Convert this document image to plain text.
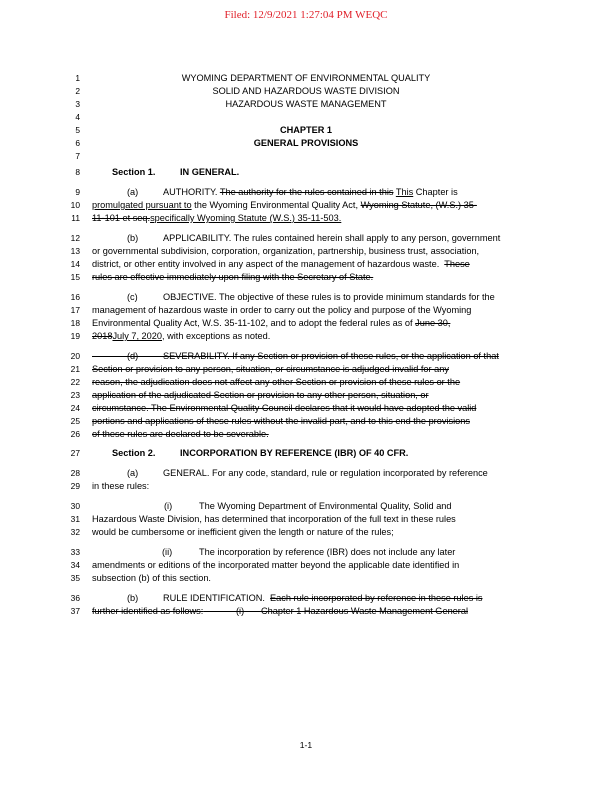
Filed: 12/9/2021 1:27:04 PM WEQC
1	WYOMING DEPARTMENT OF ENVIRONMENTAL QUALITY
2	SOLID AND HAZARDOUS WASTE DIVISION
3	HAZARDOUS WASTE MANAGEMENT
4
5	CHAPTER 1
6	GENERAL PROVISIONS
7
8	Section 1.	IN GENERAL.
9	(a)	AUTHORITY. The authority for the rules contained in this This Chapter is
10 promulgated pursuant to the Wyoming Environmental Quality Act, Wyoming Statute, (W.S.) 35-
11 11-101 et seq.specifically Wyoming Statute (W.S.) 35-11-503.
12	(b)	APPLICABILITY. The rules contained herein shall apply to any person, government
13 or governmental subdivision, corporation, organization, partnership, business trust, association,
14 district, or other entity involved in any aspect of the management of hazardous waste. These
15 rules are effective immediately upon filing with the Secretary of State.
16	(c)	OBJECTIVE. The objective of these rules is to provide minimum standards for the
17 management of hazardous waste in order to carry out the policy and purpose of the Wyoming
18 Environmental Quality Act, W.S. 35-11-102, and to adopt the federal rules as of June 30,
19 2018July 7, 2020, with exceptions as noted.
20
	(d)	SEVERABILITY. If any Section or provision of these rules, or the application of that
21 Section or provision to any person, situation, or circumstance is adjudged invalid for any
22 reason, the adjudication does not affect any other Section or provision of these rules or the
23 application of the adjudicated Section or provision to any other person, situation, or
24 circumstance. The Environmental Quality Council declares that it would have adopted the valid
25 portions and applications of these rules without the invalid part, and to this end the provisions
26 of these rules are declared to be severable.
27	Section 2.	INCORPORATION BY REFERENCE (IBR) OF 40 CFR.
28	(a)	GENERAL. For any code, standard, rule or regulation incorporated by reference
29 in these rules:
30	(i)	The Wyoming Department of Environmental Quality, Solid and
31 Hazardous Waste Division, has determined that incorporation of the full text in these rules
32 would be cumbersome or inefficient given the length or nature of the rules;
33	(ii)	The incorporation by reference (IBR) does not include any later
34 amendments or editions of the incorporated matter beyond the applicable date identified in
35 subsection (b) of this section.
36	(b)	RULE IDENTIFICATION. Each rule incorporated by reference in these rules is
37 further identified as follows:	(i) Chapter 1 Hazardous Waste Management General
1-1
